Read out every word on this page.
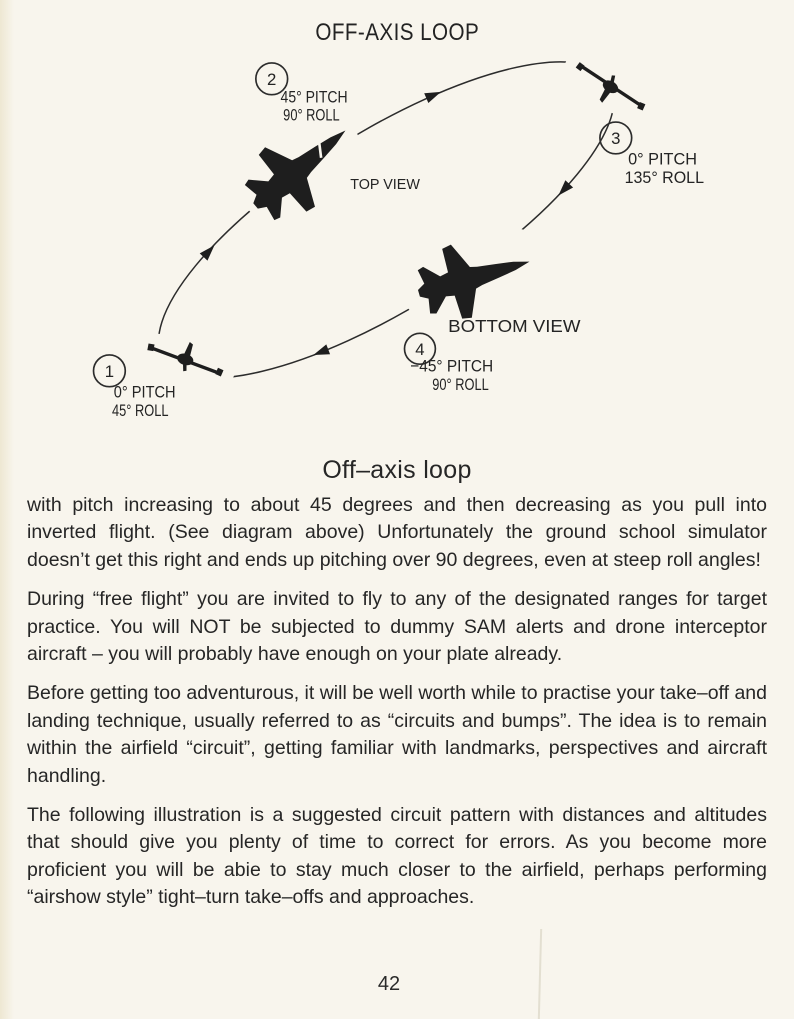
OFF-AXIS LOOP
2
45° PITCH
90° ROLL
3
0° PITCH
135° ROLL
4
−45° PITCH
90° ROLL
1
0° PITCH
45° ROLL
TOP VIEW
BOTTOM VIEW
Off–axis loop

with pitch increasing to about 45 degrees and then decreasing as you pull into inverted flight. (See diagram above) Unfortunately the ground school simulator doesn’t get this right and ends up pitching over 90 degrees, even at steep roll angles!

During “free flight” you are invited to fly to any of the designated ranges for target practice. You will NOT be subjected to dummy SAM alerts and drone interceptor aircraft – you will probably have enough on your plate already.

Before getting too adventurous, it will be well worth while to practise your take–off and landing technique, usually referred to as “circuits and bumps”. The idea is to remain within the airfield “circuit”, getting familiar with landmarks, perspectives and aircraft handling.

The following illustration is a suggested circuit pattern with distances and altitudes that should give you plenty of time to correct for errors. As you become more proficient you will be abie to stay much closer to the airfield, perhaps performing “airshow style” tight–turn take–offs and approaches.

42
